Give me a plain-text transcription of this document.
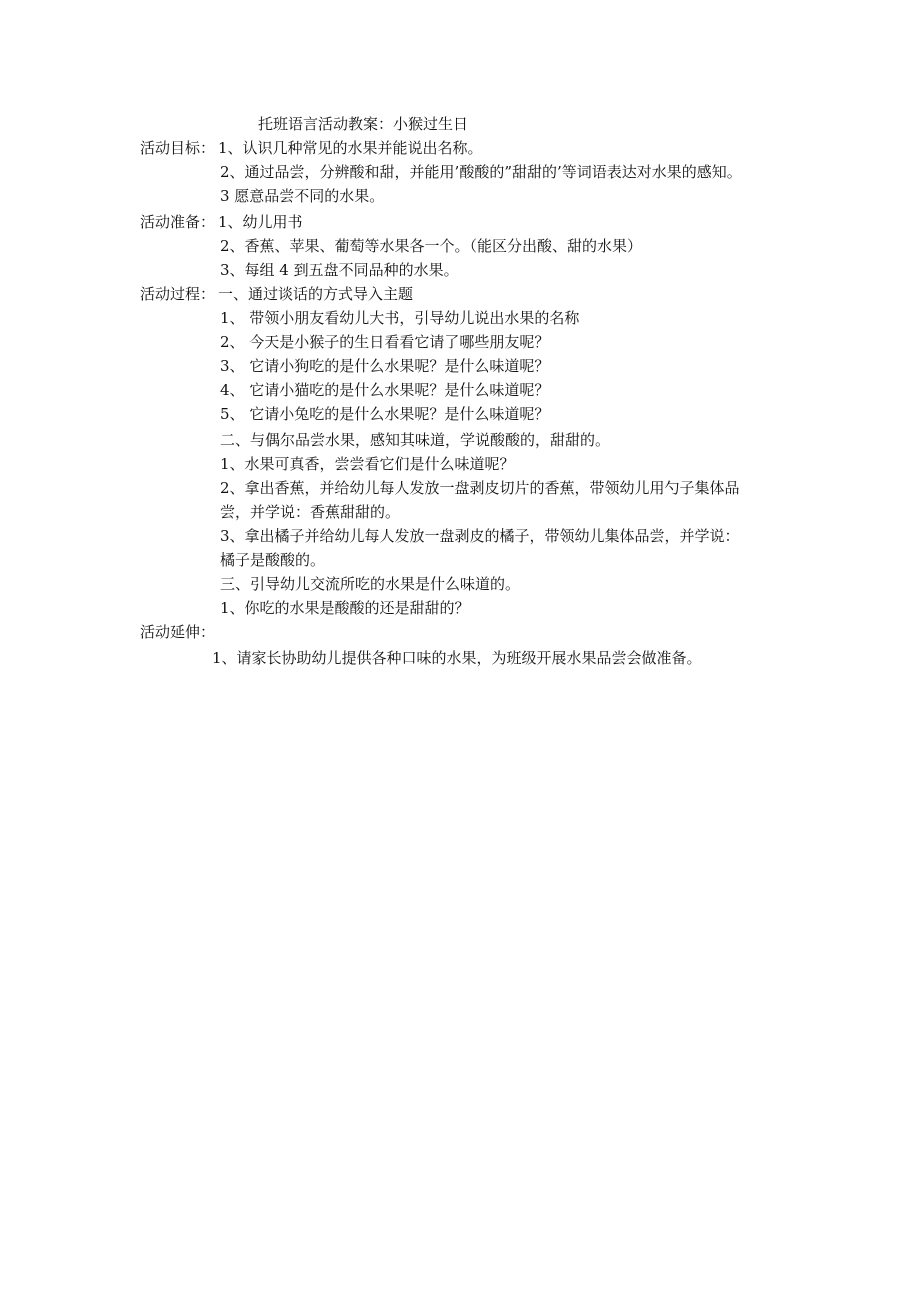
托班语言活动教案：小猴过生日
活动目标： 1、认识几种常见的水果并能说出名称。
2、通过品尝，分辨酸和甜，并能用’酸酸的”甜甜的’等词语表达对水果的感知。
3 愿意品尝不同的水果。
活动准备： 1、幼儿用书
2、香蕉、苹果、葡萄等水果各一个。（能区分出酸、甜的水果）
3、每组 4 到五盘不同品种的水果。
活动过程： 一、通过谈话的方式导入主题
1、 带领小朋友看幼儿大书，引导幼儿说出水果的名称
2、 今天是小猴子的生日看看它请了哪些朋友呢？
3、 它请小狗吃的是什么水果呢？是什么味道呢？
4、 它请小猫吃的是什么水果呢？是什么味道呢？
5、 它请小兔吃的是什么水果呢？是什么味道呢？
二、与偶尔品尝水果，感知其味道，学说酸酸的，甜甜的。
1、水果可真香，尝尝看它们是什么味道呢？
2、拿出香蕉，并给幼儿每人发放一盘剥皮切片的香蕉，带领幼儿用勺子集体品
尝，并学说：香蕉甜甜的。
3、拿出橘子并给幼儿每人发放一盘剥皮的橘子，带领幼儿集体品尝，并学说：
橘子是酸酸的。
三、引导幼儿交流所吃的水果是什么味道的。
1、你吃的水果是酸酸的还是甜甜的？
活动延伸：
1、请家长协助幼儿提供各种口味的水果，为班级开展水果品尝会做准备。
